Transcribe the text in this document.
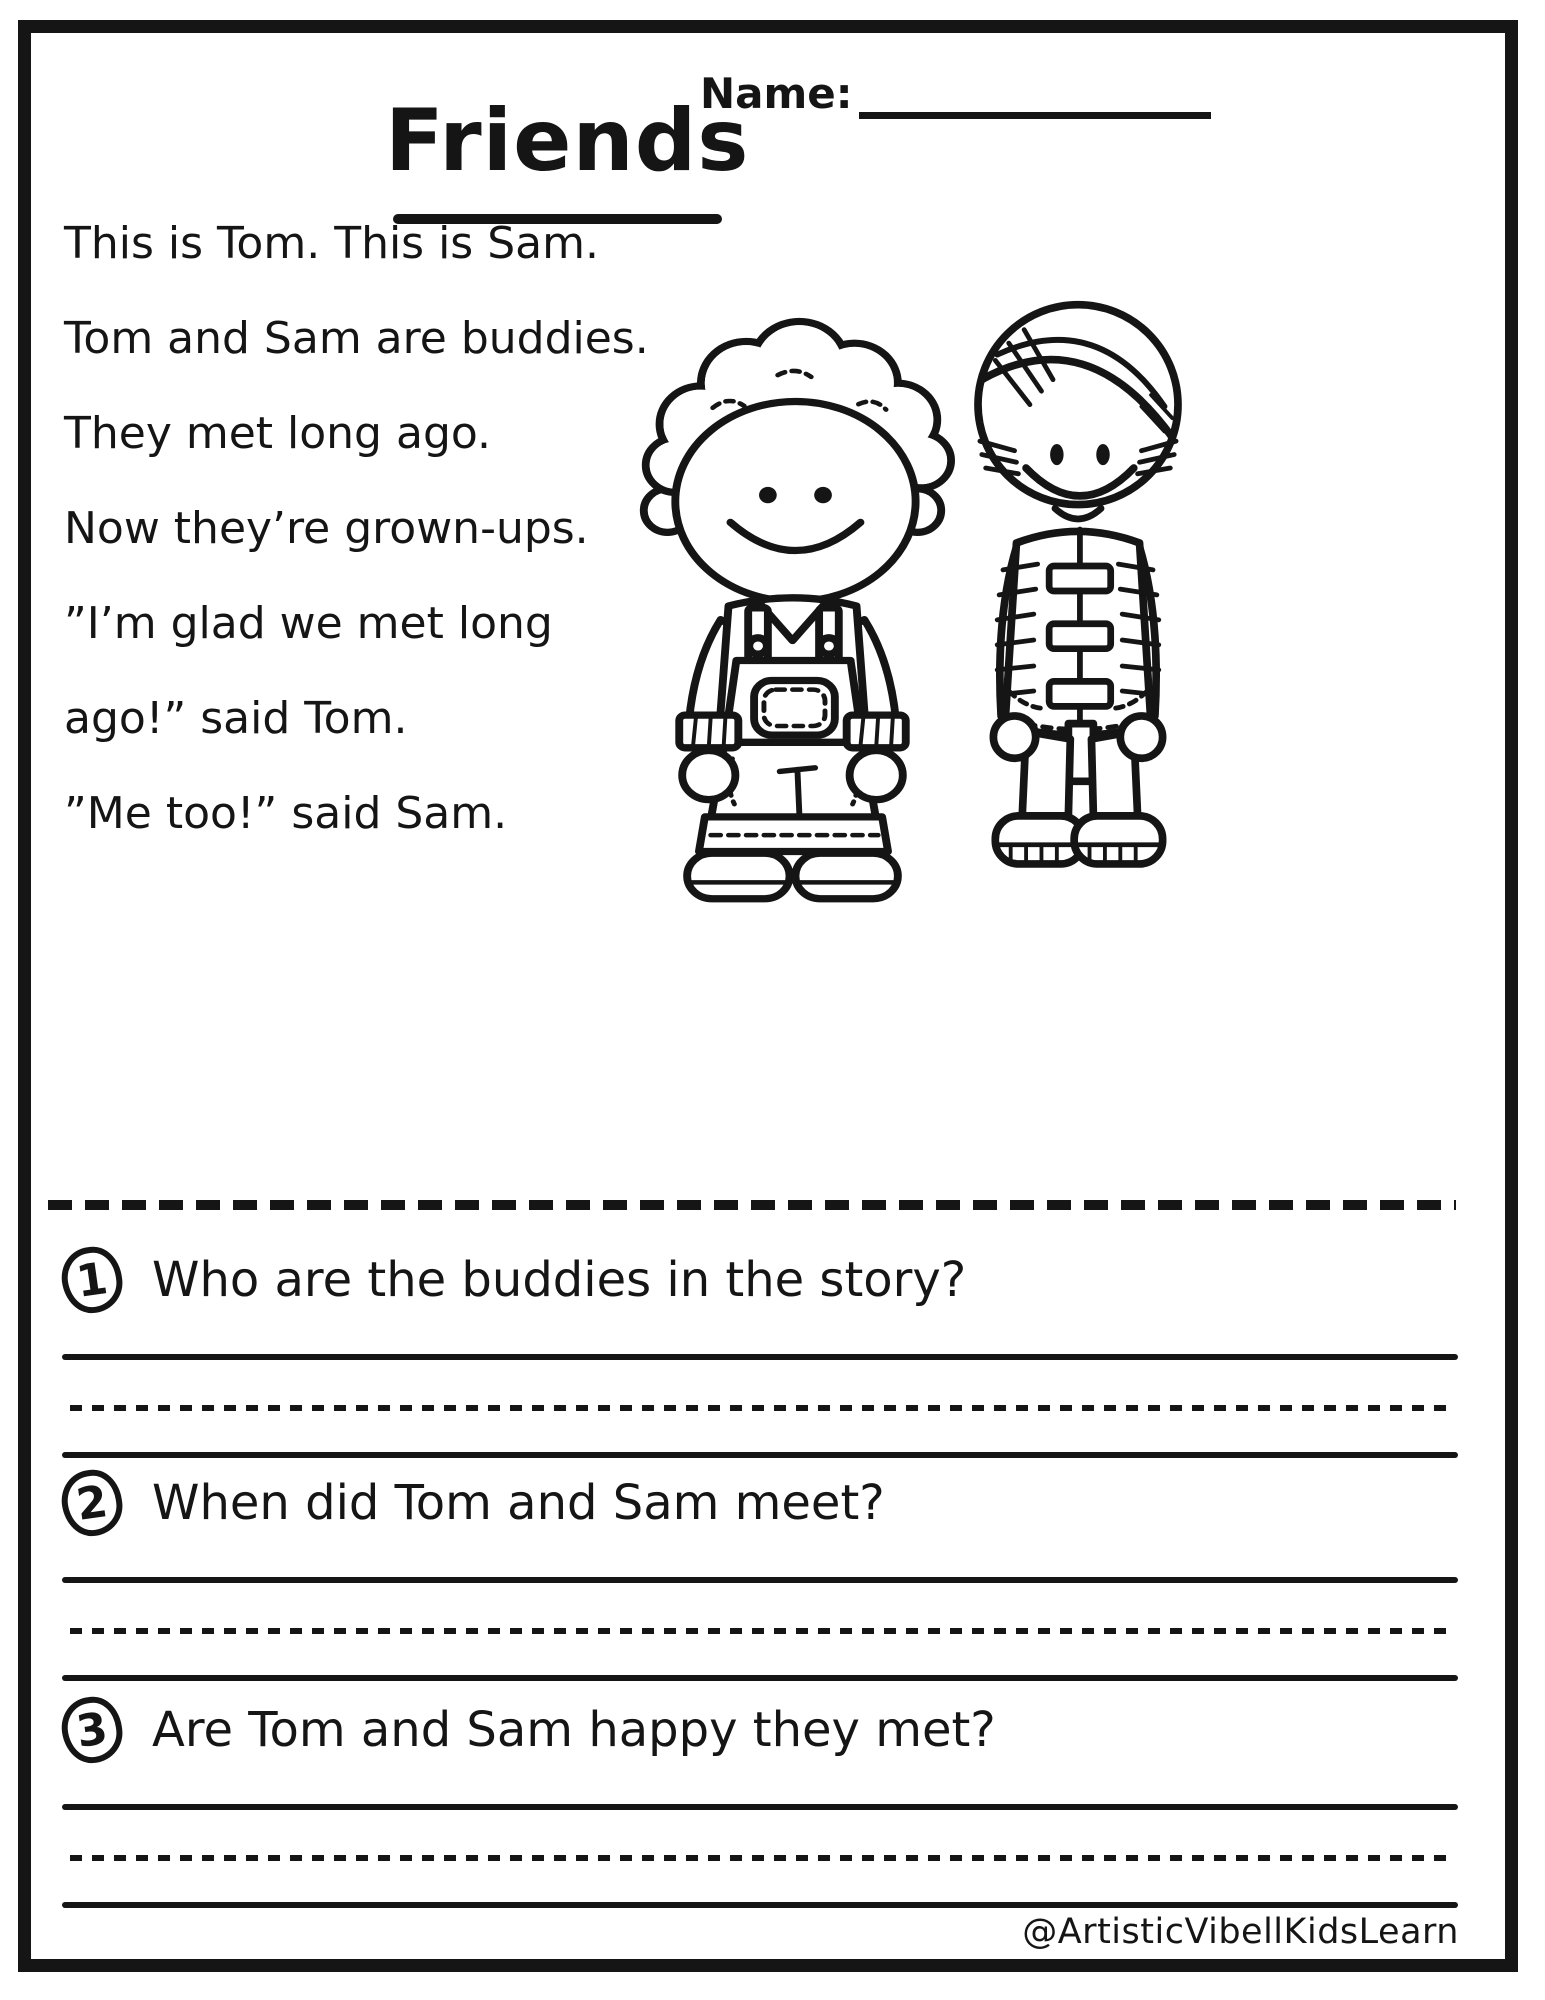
Friends
Name:

This is Tom. This is Sam.

Tom and Sam are buddies.

They met long ago.

Now they’re grown-ups.

”I’m glad we met long

ago!” said Tom.

”Me too!” said Sam.

1 Who are the buddies in the story?
2 When did Tom and Sam meet?
3 Are Tom and Sam happy they met?
@ArtisticVibellKidsLearn
